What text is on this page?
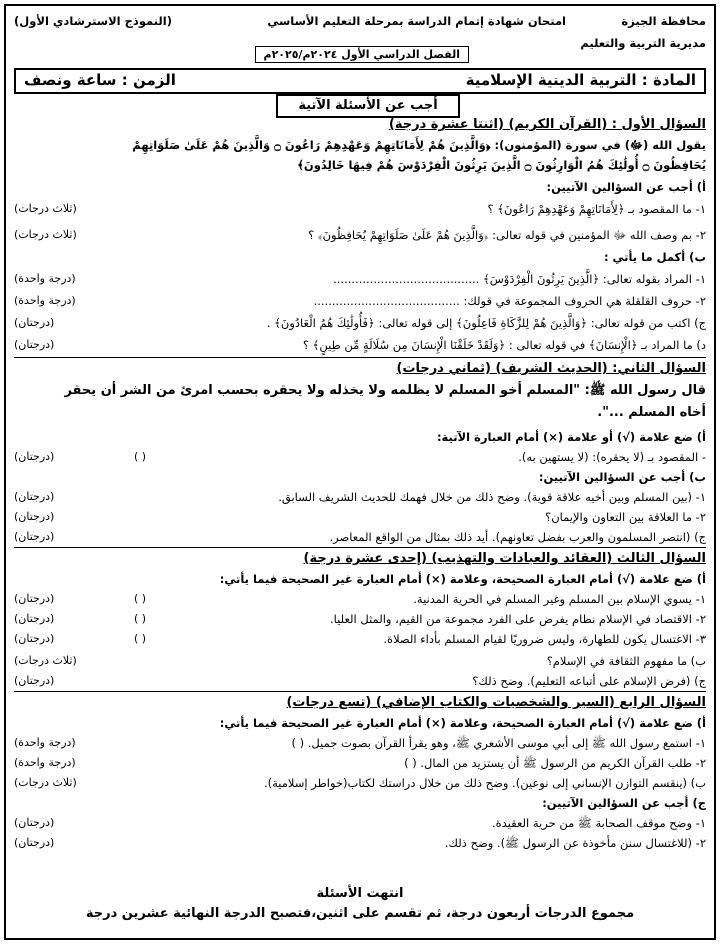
محافظة الجيزة
امتحان شهادة إتمام الدراسة بمرحلة التعليم الأساسي
(النموذج الاسترشادي الأول)
مديرية التربية والتعليم
الفصل الدراسي الأول ٢٠٢٤م/٢٠٢٥م
المادة : التربية الدينية الإسلامية
الزمن : ساعة ونصف
أجب عن الأسئلة الآتية
السؤال الأول : (القرآن الكريم) (اثنتا عشرة درجة)
يقول الله (ﷻ) في سورة (المؤمنون): ﴿وَالَّذِينَ هُمْ لِأَمَانَاتِهِمْ وَعَهْدِهِمْ رَاعُونَ ۝ وَالَّذِينَ هُمْ عَلَىٰ صَلَوَاتِهِمْ
يُحَافِظُونَ ۝ أُولَٰئِكَ هُمُ الْوَارِثُونَ ۝ الَّذِينَ يَرِثُونَ الْفِرْدَوْسَ هُمْ فِيهَا خَالِدُونَ﴾
أ) أجب عن السؤالين الآتيين:
١- ما المقصود بـ ﴿لِأَمَانَاتِهِمْ وَعَهْدِهِمْ رَاعُونَ﴾ ؟
(ثلاث درجات)
٢- بم وصف الله ﷻ المؤمنين في قوله تعالى: ﴿وَالَّذِينَ هُمْ عَلَىٰ صَلَوَاتِهِمْ يُحَافِظُونَ﴾ ؟
(ثلاث درجات)
ب) أكمل ما يأتي :
١- المراد بقوله تعالى: ﴿الَّذِينَ يَرِثُونَ الْفِرْدَوْسَ﴾ ........................................
(درجة واحدة)
٢- حروف القلقلة هي الحروف المجموعة في قولك: ........................................
(درجة واحدة)
ج) اكتب من قوله تعالى: ﴿وَالَّذِينَ هُمْ لِلزَّكَاةِ فَاعِلُونَ﴾ إلى قوله تعالى: ﴿فَأُولَٰئِكَ هُمُ الْعَادُونَ﴾ .
(درجتان)
د) ما المراد بـ ﴿الْإِنسَانَ﴾ في قوله تعالى : ﴿وَلَقَدْ خَلَقْنَا الْإِنسَانَ مِن سُلَالَةٍ مِّن طِينٍ﴾ ؟
(درجتان)
السؤال الثاني: (الحديث الشريف) (ثماني درجات)
قال رسول الله ﷺ: "المسلم أخو المسلم لا يظلمه ولا يخذله ولا يحقره بحسب امرئ من الشر أن يحقر
أخاه المسلم ...".
أ) ضع علامة (√) أو علامة (×) أمام العبارة الآتية:
- المقصود بـ (لا يحقره): (لا يستهين به).
( )
(درجتان)
ب) أجب عن السؤالين الآتيين:
١- (بين المسلم وبين أخيه علاقة قوية). وضح ذلك من خلال فهمك للحديث الشريف السابق.
(درجتان)
٢- ما العلاقة بين التعاون والإيمان؟
(درجتان)
ج) (انتصر المسلمون والعرب بفضل تعاونهم). أيد ذلك بمثال من الواقع المعاصر.
(درجتان)
السؤال الثالث (العقائد والعبادات والتهذيب) (إحدى عشرة درجة)
أ) ضع علامة (√) أمام العبارة الصحيحة، وعلامة (×) أمام العبارة غير الصحيحة فيما يأتي:
١- يسوي الإسلام بين المسلم وغير المسلم في الحرية المدنية.
( )
(درجتان)
٢- الاقتصاد في الإسلام نظام يفرض على الفرد مجموعة من القيم، والمثل العليا.
( )
(درجتان)
٣- الاغتسال يكون للطهارة، وليس ضروريًا لقيام المسلم بأداء الصلاة.
( )
(درجتان)
ب) ما مفهوم الثقافة في الإسلام؟
(ثلاث درجات)
ج) (فرض الإسلام على أتباعه التعليم). وضح ذلك؟
(درجتان)
السؤال الرابع (السير والشخصيات والكتاب الإضافي) (تسع درجات)
أ) ضع علامة (√) أمام العبارة الصحيحة، وعلامة (×) أمام العبارة غير الصحيحة فيما يأتي:
١- استمع رسول الله ﷺ إلى أبي موسى الأشعري ﷺ، وهو يقرأ القرآن بصوت جميل. ( )
(درجة واحدة)
٢- طلب القرآن الكريم من الرسول ﷺ أن يستزيد من المال. ( )
(درجة واحدة)
ب) (ينقسم التوازن الإنساني إلى نوعين). وضح ذلك من خلال دراستك لكتاب(خواطر إسلامية).
(ثلاث درجات)
ج) أجب عن السؤالين الآتيين:
١- وضح موقف الصحابة ﷺ من حرية العقيدة.
(درجتان)
٢- (للاغتسال سنن مأخوذة عن الرسول ﷺ). وضح ذلك.
(درجتان)
انتهت الأسئلة
مجموع الدرجات أربعون درجة، ثم تقسم على اثنين،فتصبح الدرجة النهائية عشرين درجة
